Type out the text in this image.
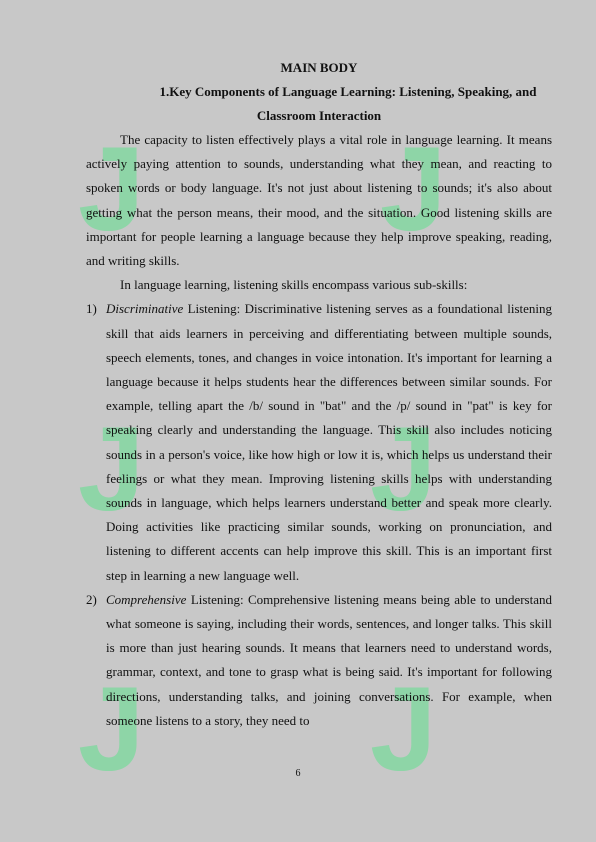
J J
J J
J J
MAIN BODY
1.Key Components of Language Learning: Listening, Speaking, and
Classroom Interaction

The capacity to listen effectively plays a vital role in language learning. It means actively paying attention to sounds, understanding what they mean, and reacting to spoken words or body language. It's not just about listening to sounds; it's also about getting what the person means, their mood, and the situation. Good listening skills are important for people learning a language because they help improve speaking, reading, and writing skills.

In language learning, listening skills encompass various sub-skills:

1) Discriminative Listening: Discriminative listening serves as a foundational listening skill that aids learners in perceiving and differentiating between multiple sounds, speech elements, tones, and changes in voice intonation. It's important for learning a language because it helps students hear the differences between similar sounds. For example, telling apart the /b/ sound in "bat" and the /p/ sound in "pat" is key for speaking clearly and understanding the language. This skill also includes noticing sounds in a person's voice, like how high or low it is, which helps us understand their feelings or what they mean. Improving listening skills helps with understanding sounds in language, which helps learners understand better and speak more clearly. Doing activities like practicing similar sounds, working on pronunciation, and listening to different accents can help improve this skill. This is an important first step in learning a new language well.
2) Comprehensive Listening: Comprehensive listening means being able to understand what someone is saying, including their words, sentences, and longer talks. This skill is more than just hearing sounds. It means that learners need to understand words, grammar, context, and tone to grasp what is being said. It's important for following directions, understanding talks, and joining conversations. For example, when someone listens to a story, they need to
6
